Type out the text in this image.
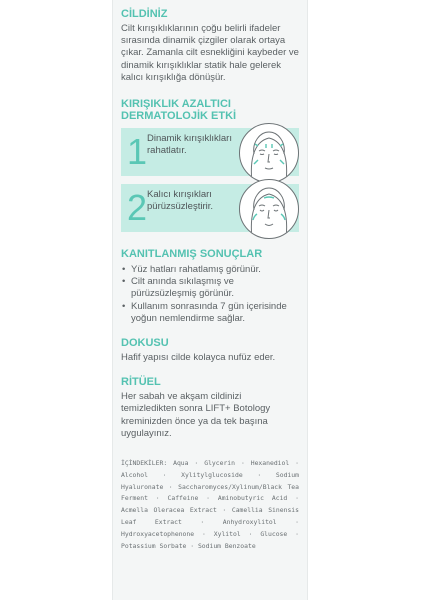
CİLDİNİZ

Cilt kırışıklıklarının çoğu belirli ifadeler sırasında dinamik çizgiler olarak ortaya çıkar. Zamanla cilt esnekliğini kaybeder ve dinamik kırışıklıklar statik hale gelerek kalıcı kırışıklığa dönüşür.

KIRIŞIKLIK AZALTICI
DERMATOLOJİK ETKİ
1 Dinamik kırışıklıkları rahatlatır.
2 Kalıcı kırışıkları pürüzsüzleştirir.
KANITLANMIŞ SONUÇLAR
• Yüz hatları rahatlamış görünür.
• Cilt anında sıkılaşmış ve pürüzsüzleşmiş görünür.
• Kullanım sonrasında 7 gün içerisinde yoğun nemlendirme sağlar.
DOKUSU

Hafif yapısı cilde kolayca nufüz eder.

RİTÜEL

Her sabah ve akşam cildinizi temizledikten sonra LIFT+ Botology kreminizden önce ya da tek başına uygulayınız.

İÇİNDEKİLER: Aqua · Glycerin · Hexanediol · Alcohol · Xylitylglucoside · Sodium Hyaluronate · Saccharomyces/Xylinum/Black Tea Ferment · Caffeine · Aminobutyric Acid · Acmella Oleracea Extract · Camellia Sinensis Leaf Extract · Anhydroxylitol · Hydroxyacetophenone · Xylitol · Glucose · Potassium Sorbate · Sodium Benzoate
